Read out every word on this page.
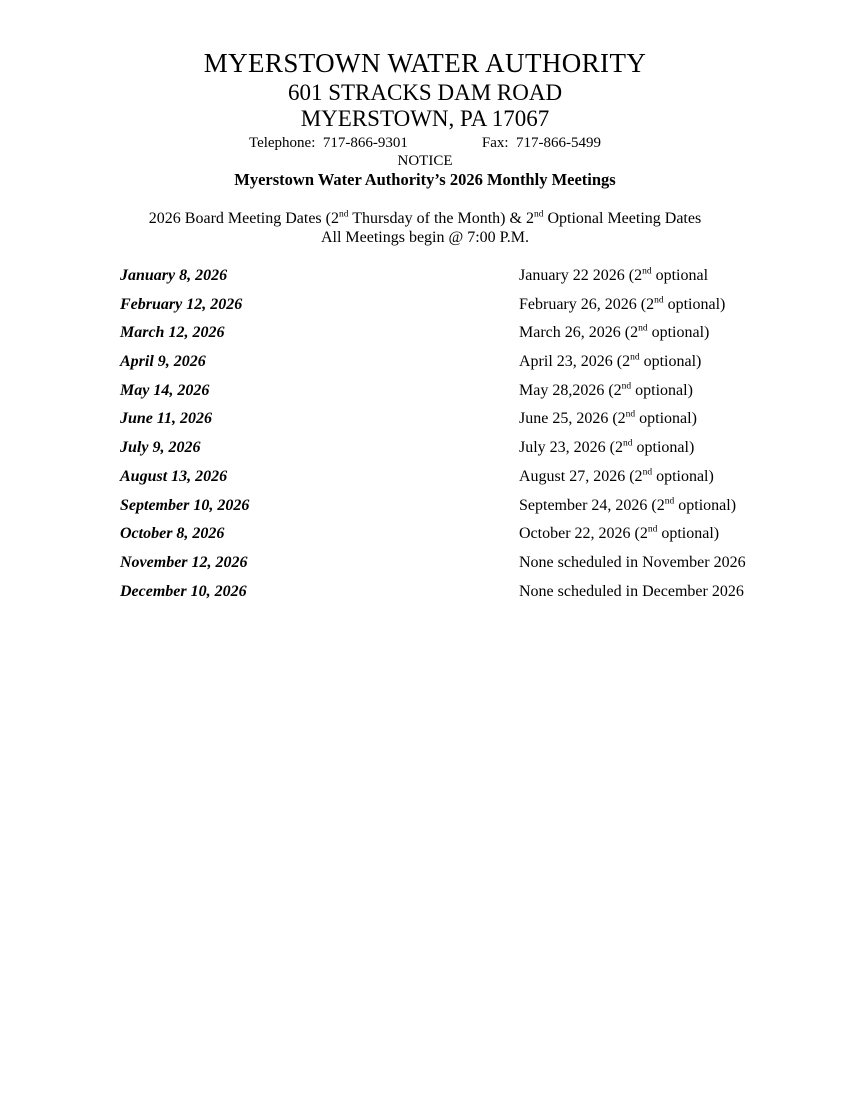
MYERSTOWN WATER AUTHORITY
601 STRACKS DAM ROAD
MYERSTOWN, PA 17067
Telephone:  717-866-9301	Fax:  717-866-5499
NOTICE
Myerstown Water Authority’s 2026 Monthly Meetings
2026 Board Meeting Dates (2nd Thursday of the Month) & 2nd Optional Meeting Dates
All Meetings begin @ 7:00 P.M.
January 8, 2026	January 22 2026 (2nd optional
February 12, 2026	February 26, 2026 (2nd optional)
March 12, 2026	March 26, 2026 (2nd optional)
April 9, 2026	April 23, 2026 (2nd optional)
May 14, 2026	May 28,2026 (2nd optional)
June 11, 2026	June 25, 2026 (2nd optional)
July 9, 2026	July 23, 2026 (2nd optional)
August 13, 2026	August 27, 2026 (2nd optional)
September 10, 2026	September 24, 2026 (2nd optional)
October 8, 2026	October 22, 2026 (2nd optional)
November 12, 2026	None scheduled in November 2026
December 10, 2026	None scheduled in December 2026
